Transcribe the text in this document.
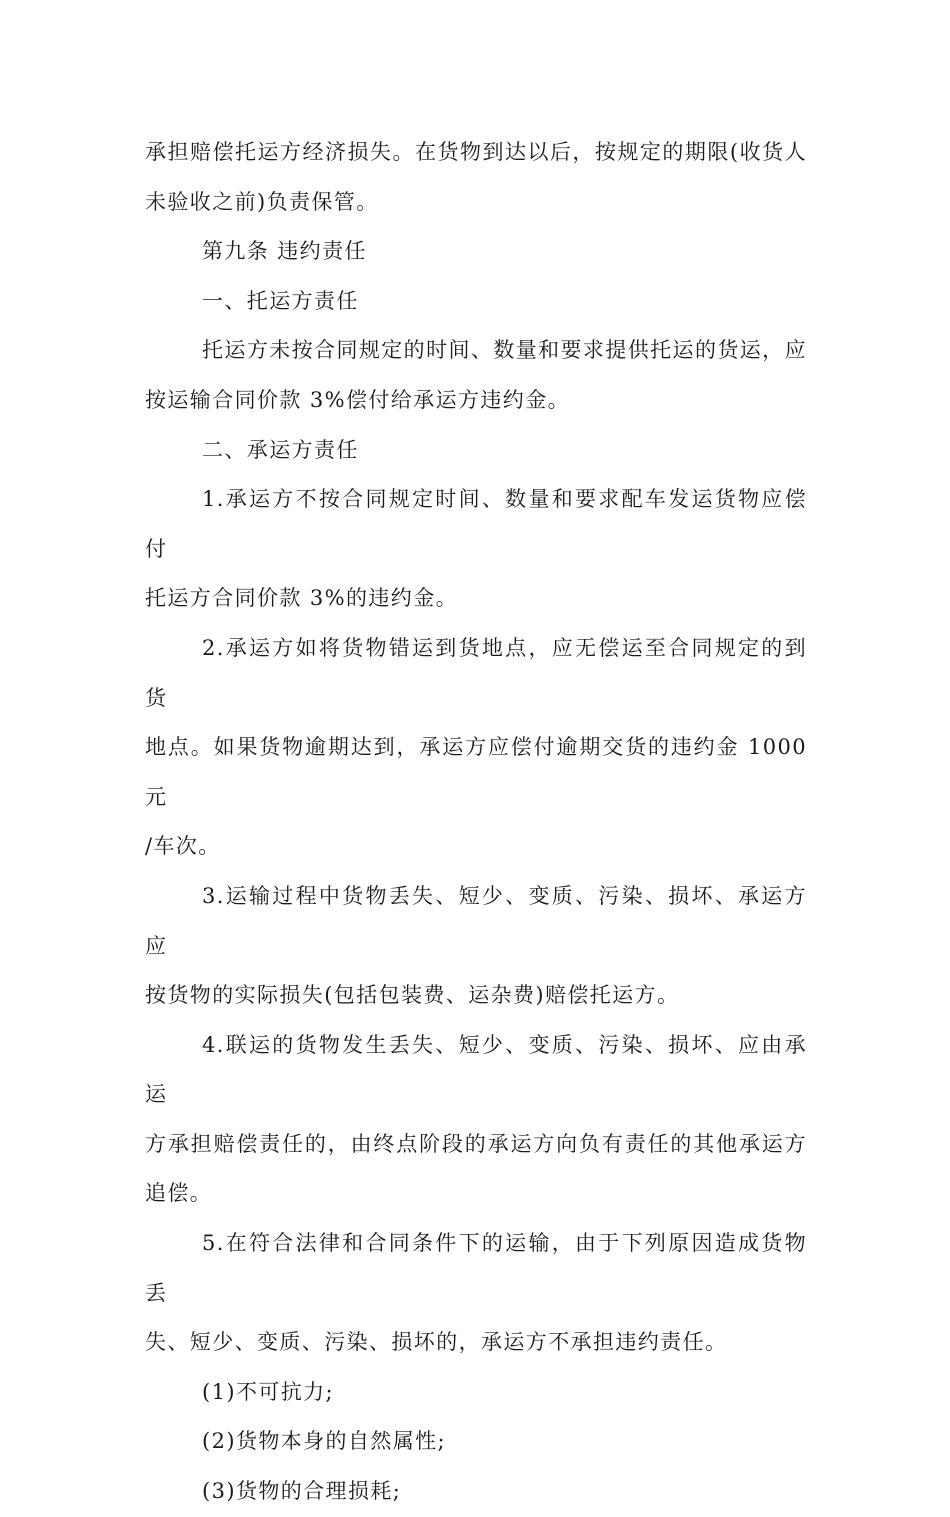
承担赔偿托运方经济损失。在货物到达以后，按规定的期限(收货人
未验收之前)负责保管。
第九条 违约责任
一、托运方责任
托运方未按合同规定的时间、数量和要求提供托运的货运，应
按运输合同价款 3%偿付给承运方违约金。
二、承运方责任
1.承运方不按合同规定时间、数量和要求配车发运货物应偿付
托运方合同价款 3%的违约金。
2.承运方如将货物错运到货地点，应无偿运至合同规定的到货
地点。如果货物逾期达到，承运方应偿付逾期交货的违约金 1000 元
/车次。
3.运输过程中货物丢失、短少、变质、污染、损坏、承运方应
按货物的实际损失(包括包装费、运杂费)赔偿托运方。
4.联运的货物发生丢失、短少、变质、污染、损坏、应由承运
方承担赔偿责任的，由终点阶段的承运方向负有责任的其他承运方
追偿。
5.在符合法律和合同条件下的运输，由于下列原因造成货物丢
失、短少、变质、污染、损坏的，承运方不承担违约责任。
(1)不可抗力;
(2)货物本身的自然属性;
(3)货物的合理损耗;
